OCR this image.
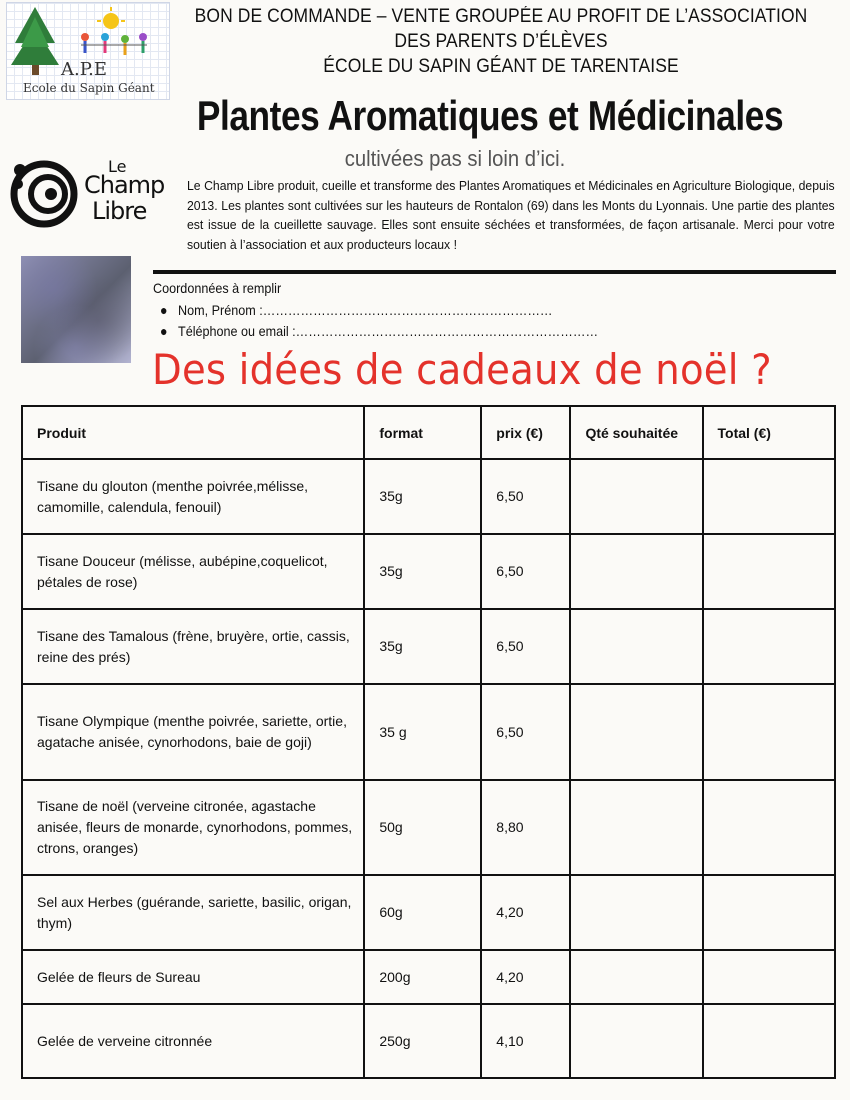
A.P.E
Ecole du Sapin Géant
BON DE COMMANDE – VENTE GROUPÉE AU PROFIT DE L’ASSOCIATION
DES PARENTS D’ÉLÈVES
ÉCOLE DU SAPIN GÉANT DE TARENTAISE
Plantes Aromatiques et Médicinales
cultivées pas si loin d’ici.
Le
Champ
Libre
Le Champ Libre produit, cueille et transforme des Plantes Aromatiques et Médicinales en Agriculture Biologique, depuis 2013. Les plantes sont cultivées sur les hauteurs de Rontalon (69) dans les Monts du Lyonnais. Une partie des plantes est issue de la cueillette sauvage. Elles sont ensuite séchées et transformées, de façon artisanale. Merci pour votre soutien à l’association et aux producteurs locaux !
Coordonnées à remplir
● Nom, Prénom :……………………………………………………………
● Téléphone ou email :………………………………………………………………
Des idées de cadeaux de noël ?
Produit	format	prix (€)	Qté souhaitée	Total (€)
Tisane du glouton (menthe poivrée,mélisse, camomille, calendula, fenouil)	35g	6,50		
Tisane Douceur (mélisse, aubépine,coquelicot, pétales de rose)	35g	6,50		
Tisane des Tamalous (frène, bruyère, ortie, cassis, reine des prés)	35g	6,50		
Tisane Olympique (menthe poivrée, sariette, ortie, agatache anisée, cynorhodons, baie de goji)	35 g	6,50		
Tisane de noël (verveine citronée, agastache anisée, fleurs de monarde, cynorhodons, pommes, ctrons, oranges)	50g	8,80		
Sel aux Herbes (guérande, sariette, basilic, origan, thym)	60g	4,20		
Gelée de fleurs de Sureau	200g	4,20		
Gelée de verveine citronnée	250g	4,10		
